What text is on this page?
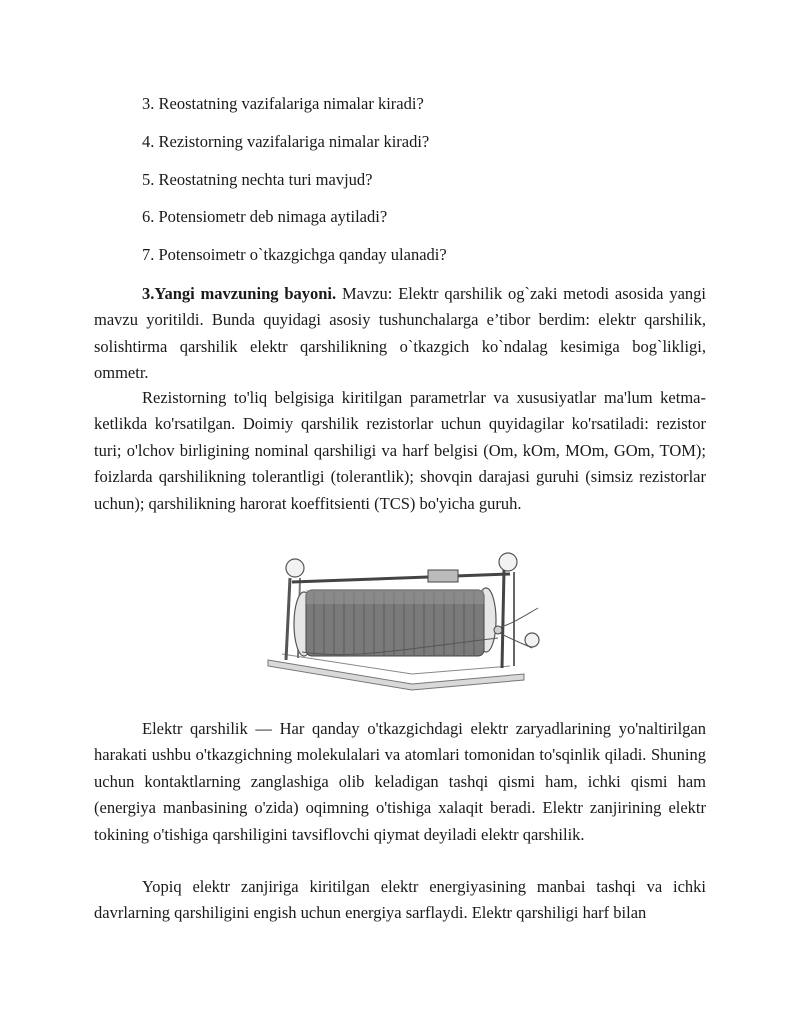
3. Reostatning vazifalariga nimalar kiradi?

4. Rezistorning vazifalariga nimalar kiradi?

5. Reostatning nechta turi mavjud?

6. Potensiometr deb nimaga aytiladi?

7. Potensoimetr o`tkazgichga qanday ulanadi?

3.Yangi mavzuning bayoni. Mavzu: Elektr qarshilik og`zaki metodi asosida yangi mavzu yoritildi. Bunda quyidagi asosiy tushunchalarga e’tibor berdim: elektr qarshilik, solishtirma qarshilik elektr qarshilikning o`tkazgich ko`ndalag kesimiga bog`likligi, ommetr.

Rezistorning to'liq belgisiga kiritilgan parametrlar va xususiyatlar ma'lum ketma-ketlikda ko'rsatilgan. Doimiy qarshilik rezistorlar uchun quyidagilar ko'rsatiladi: rezistor turi; o'lchov birligining nominal qarshiligi va harf belgisi (Om, kOm, MOm, GOm, TOM); foizlarda qarshilikning tolerantligi (tolerantlik); shovqin darajasi guruhi (simsiz rezistorlar uchun); qarshilikning harorat koeffitsienti (TCS) bo'yicha guruh.

Elektr qarshilik — Har qanday o'tkazgichdagi elektr zaryadlarining yo'naltirilgan harakati ushbu o'tkazgichning molekulalari va atomlari tomonidan to'sqinlik qiladi. Shuning uchun kontaktlarning zanglashiga olib keladigan tashqi qismi ham, ichki qismi ham (energiya manbasining o'zida) oqimning o'tishiga xalaqit beradi. Elektr zanjirining elektr tokining o'tishiga qarshiligini tavsiflovchi qiymat deyiladi elektr qarshilik.

Yopiq elektr zanjiriga kiritilgan elektr energiyasining manbai tashqi va ichki davrlarning qarshiligini engish uchun energiya sarflaydi. Elektr qarshiligi harf bilan
